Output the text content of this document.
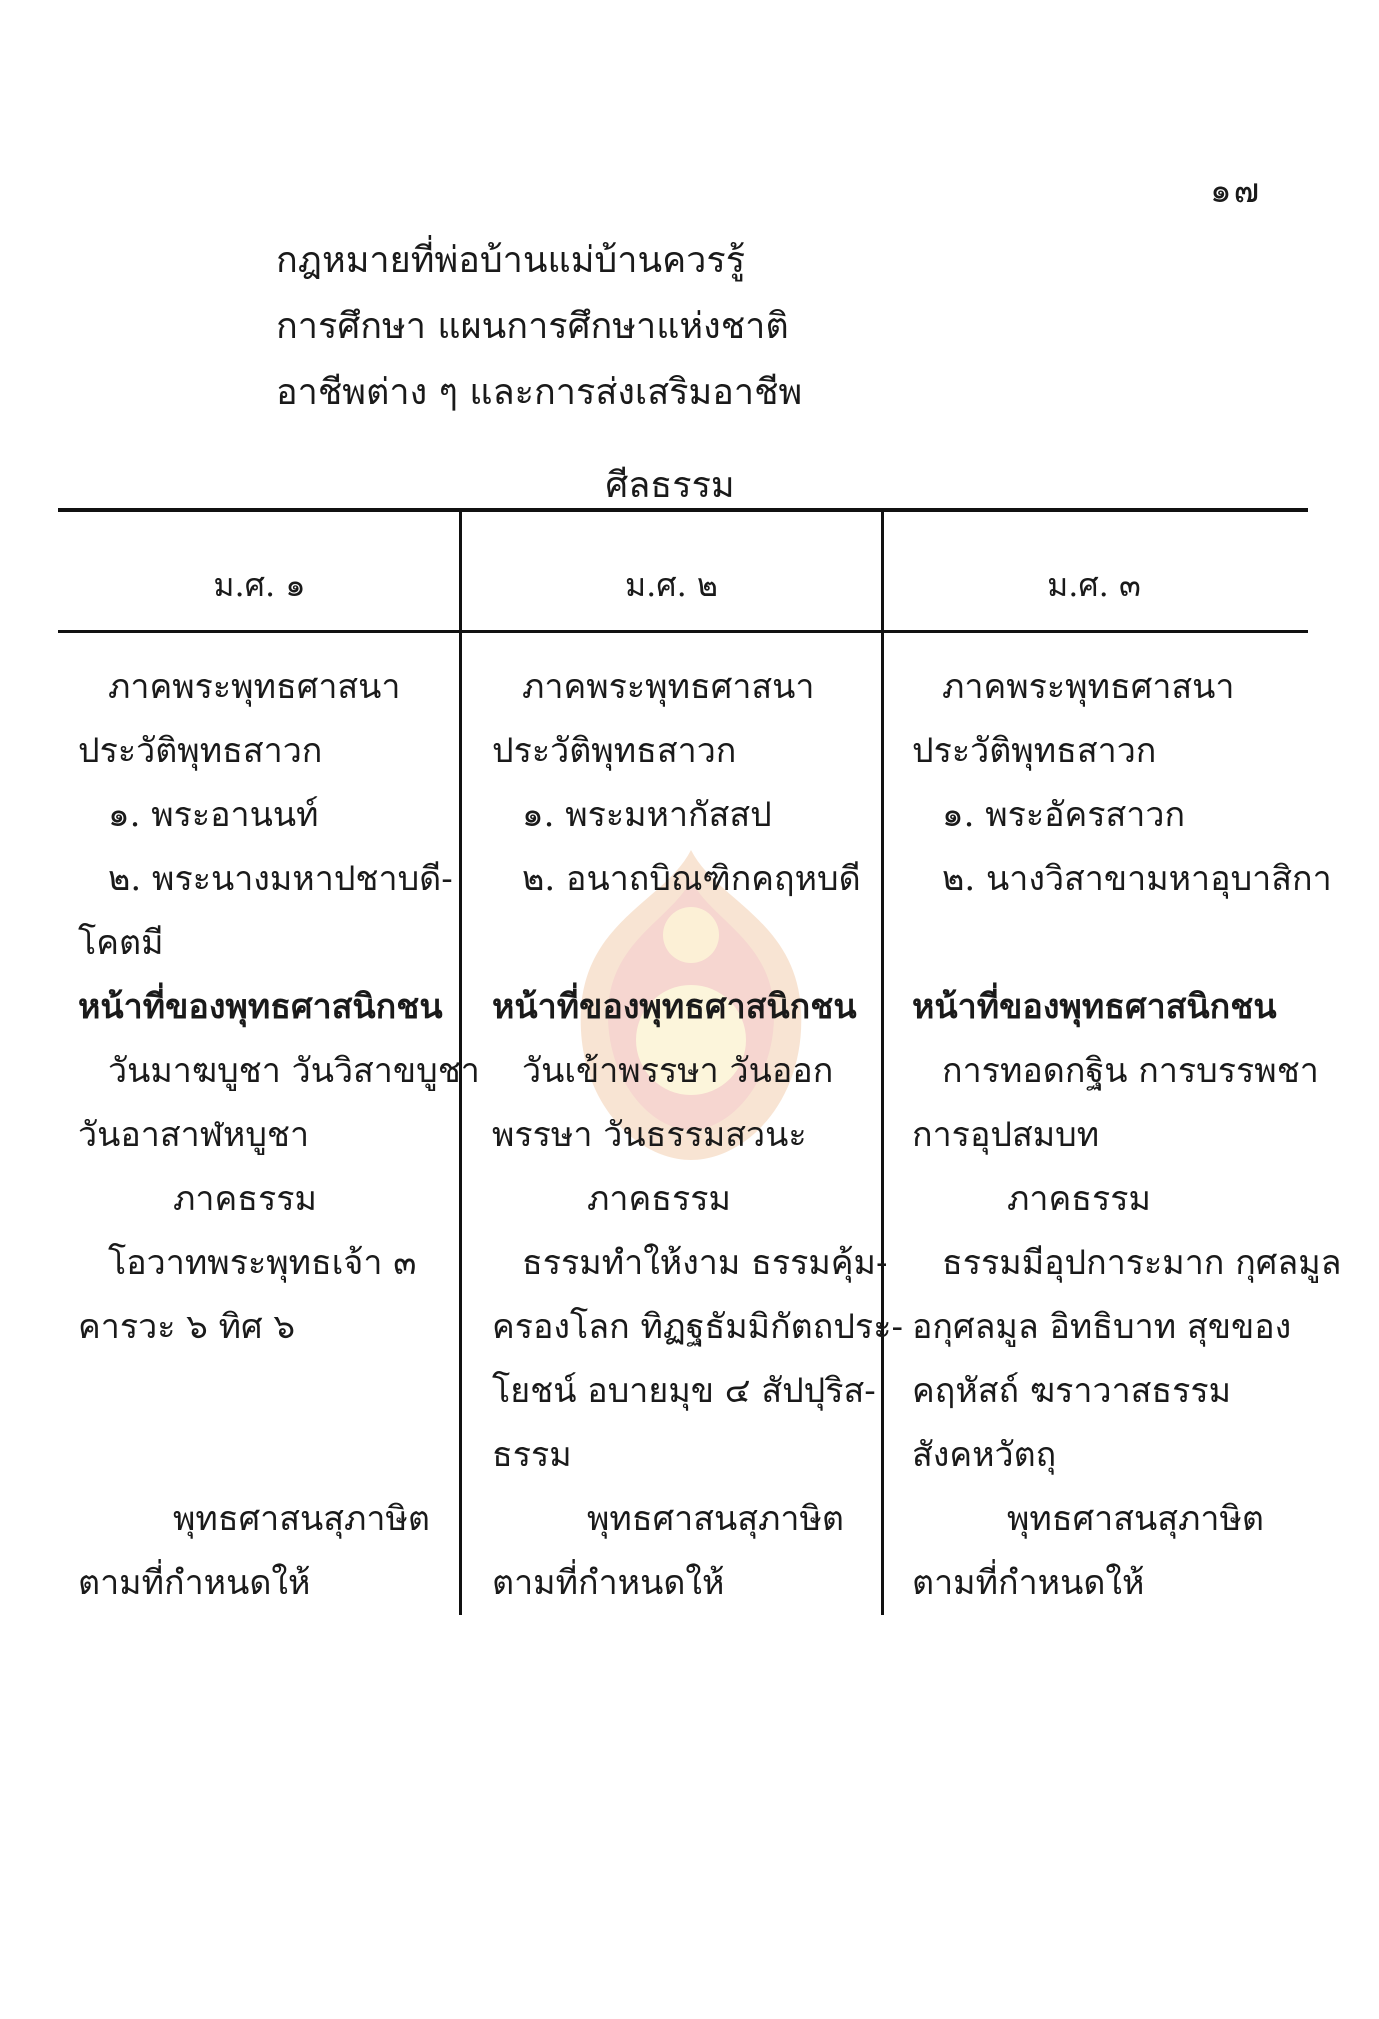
๑๗
กฎหมายที่พ่อบ้านแม่บ้านควรรู้
การศึกษา แผนการศึกษาแห่งชาติ
อาชีพต่าง ๆ และการส่งเสริมอาชีพ
ศีลธรรม
ม.ศ. ๑	ม.ศ. ๒	ม.ศ. ๓
ภาคพระพุทธศาสนา
ประวัติพุทธสาวก
๑. พระอานนท์
๒. พระนางมหาปชาบดี-
โคตมี
หน้าที่ของพุทธศาสนิกชน
วันมาฆบูชา วันวิสาขบูชา
วันอาสาฬหบูชา
ภาคธรรม
โอวาทพระพุทธเจ้า ๓
คารวะ ๖ ทิศ ๖

พุทธศาสนสุภาษิต
ตามที่กำหนดให้
ภาคพระพุทธศาสนา
ประวัติพุทธสาวก
๑. พระมหากัสสป
๒. อนาถบิณฑิกคฤหบดี

หน้าที่ของพุทธศาสนิกชน
วันเข้าพรรษา วันออก
พรรษา วันธรรมสวนะ
ภาคธรรม
ธรรมทำให้งาม ธรรมคุ้ม-
ครองโลก ทิฏฐธัมมิกัตถประ-
โยชน์ อบายมุข ๔ สัปปุริส-
ธรรม
พุทธศาสนสุภาษิต
ตามที่กำหนดให้
ภาคพระพุทธศาสนา
ประวัติพุทธสาวก
๑. พระอัครสาวก
๒. นางวิสาขามหาอุบาสิกา

หน้าที่ของพุทธศาสนิกชน
การทอดกฐิน การบรรพชา
การอุปสมบท
ภาคธรรม
ธรรมมีอุปการะมาก กุศลมูล
อกุศลมูล อิทธิบาท สุขของ
คฤหัสถ์ ฆราวาสธรรม
สังคหวัตถุ
พุทธศาสนสุภาษิต
ตามที่กำหนดให้
